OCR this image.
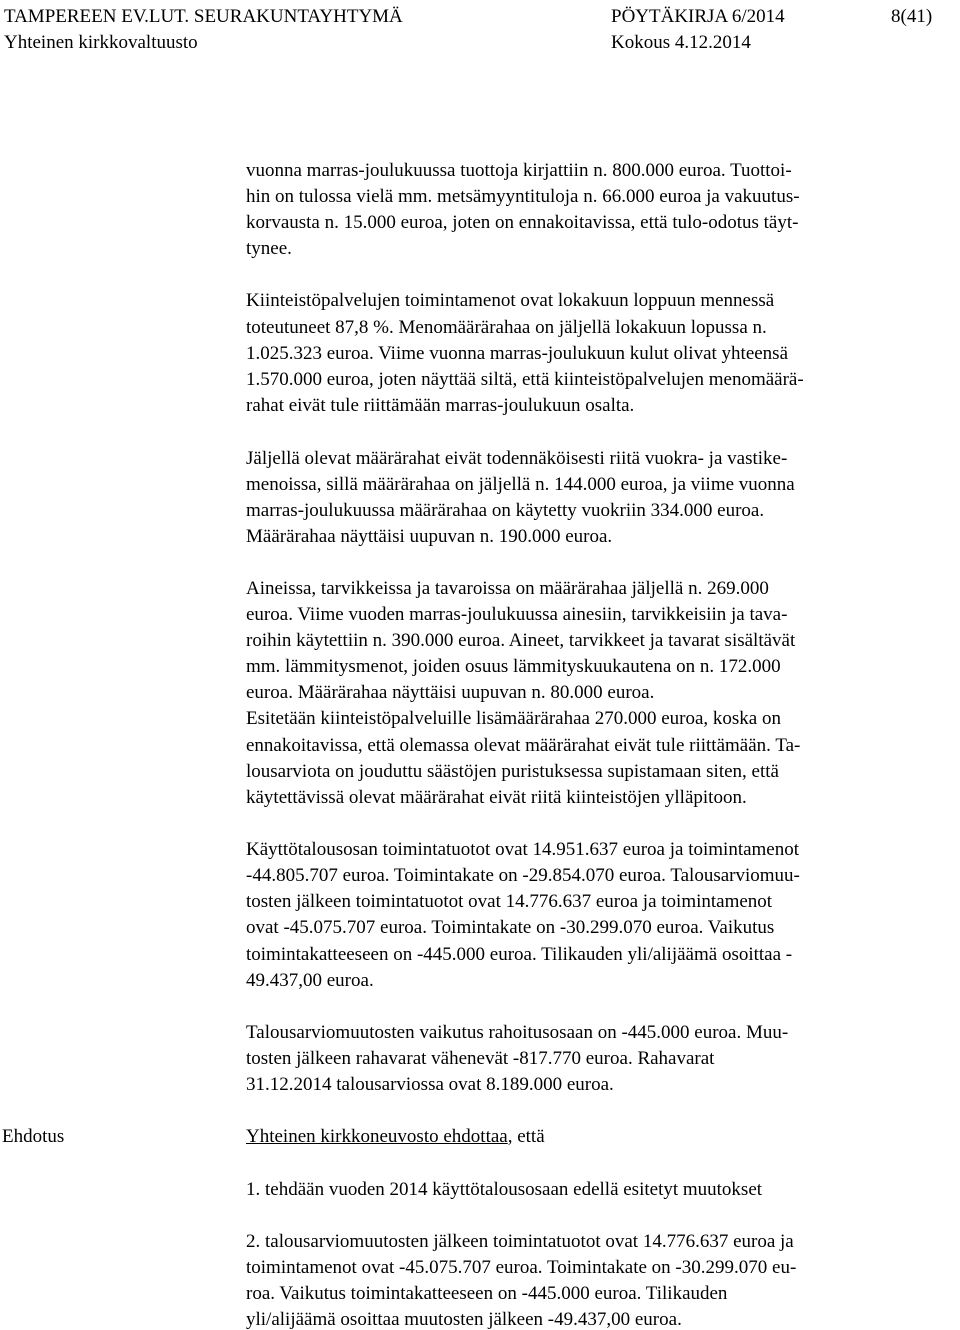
TAMPEREEN EV.LUT. SEURAKUNTAYHTYMÄ	PÖYTÄKIRJA 6/2014	8(41)
Yhteinen kirkkovaltuusto	Kokous 4.12.2014
vuonna marras-joulukuussa tuottoja kirjattiin n. 800.000 euroa. Tuottoi-
hin on tulossa vielä mm. metsämyyntituloja n. 66.000 euroa ja vakuutus-
korvausta n. 15.000 euroa, joten on ennakoitavissa, että tulo-odotus täyt-
tynee.
Kiinteistöpalvelujen toimintamenot ovat lokakuun loppuun mennessä
toteutuneet 87,8 %. Menomäärärahaa on jäljellä lokakuun lopussa n.
1.025.323 euroa. Viime vuonna marras-joulukuun kulut olivat yhteensä
1.570.000 euroa, joten näyttää siltä, että kiinteistöpalvelujen menomäärä-
rahat eivät tule riittämään marras-joulukuun osalta.
Jäljellä olevat määrärahat eivät todennäköisesti riitä vuokra- ja vastike-
menoissa, sillä määrärahaa on jäljellä n. 144.000 euroa, ja viime vuonna
marras-joulukuussa määrärahaa on käytetty vuokriin 334.000 euroa.
Määrärahaa näyttäisi uupuvan n. 190.000 euroa.
Aineissa, tarvikkeissa ja tavaroissa on määrärahaa jäljellä n. 269.000
euroa. Viime vuoden marras-joulukuussa ainesiin, tarvikkeisiin ja tava-
roihin käytettiin n. 390.000 euroa. Aineet, tarvikkeet ja tavarat sisältävät
mm. lämmitysmenot, joiden osuus lämmityskuukautena on n. 172.000
euroa. Määrärahaa näyttäisi uupuvan n. 80.000 euroa.
Esitetään kiinteistöpalveluille lisämäärärahaa 270.000 euroa, koska on
ennakoitavissa, että olemassa olevat määrärahat eivät tule riittämään. Ta-
lousarviota on jouduttu säästöjen puristuksessa supistamaan siten, että
käytettävissä olevat määrärahat eivät riitä kiinteistöjen ylläpitoon.
Käyttötalousosan toimintatuotot ovat 14.951.637 euroa ja toimintamenot
-44.805.707 euroa. Toimintakate on -29.854.070 euroa. Talousarviomuu-
tosten jälkeen toimintatuotot ovat 14.776.637 euroa ja toimintamenot
ovat -45.075.707 euroa. Toimintakate on -30.299.070 euroa. Vaikutus
toimintakatteeseen on -445.000 euroa. Tilikauden yli/alijäämä osoittaa -
49.437,00 euroa.
Talousarviomuutosten vaikutus rahoitusosaan on -445.000 euroa. Muu-
tosten jälkeen rahavarat vähenevät -817.770 euroa. Rahavarat
31.12.2014 talousarviossa ovat 8.189.000 euroa.
Ehdotus	Yhteinen kirkkoneuvosto ehdottaa, että
1. tehdään vuoden 2014 käyttötalousosaan edellä esitetyt muutokset
2. talousarviomuutosten jälkeen toimintatuotot ovat 14.776.637 euroa ja
toimintamenot ovat -45.075.707 euroa. Toimintakate on -30.299.070 eu-
roa. Vaikutus toimintakatteeseen on -445.000 euroa. Tilikauden
yli/alijäämä osoittaa muutosten jälkeen -49.437,00 euroa.
